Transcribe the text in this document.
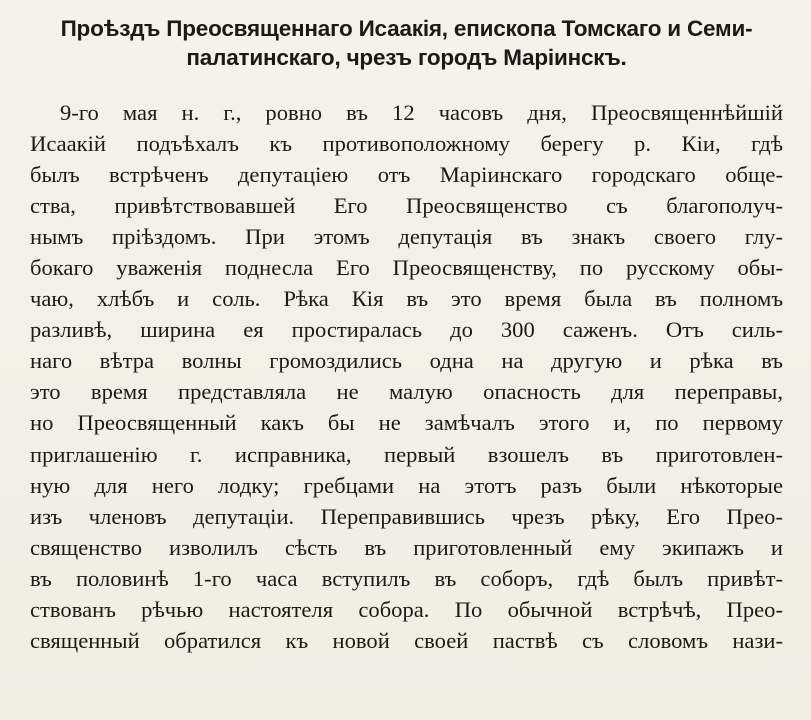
Проѣздъ Преосвященнаго Исаакія, епископа Томскаго и Семи-
палатинскаго, чрезъ городъ Маріинскъ.
9-го мая н. г., ровно въ 12 часовъ дня, Преосвященнѣйшій
Исаакій подъѣхалъ къ противоположному берегу р. Кіи, гдѣ
былъ встрѣченъ депутаціею отъ Маріинскаго городскаго обще-
ства, привѣтствовавшей Его Преосвященство съ благополуч-
нымъ пріѣздомъ. При этомъ депутація въ знакъ своего глу-
бокаго уваженія поднесла Его Преосвященству, по русскому обы-
чаю, хлѣбъ и соль. Рѣка Кія въ это время была въ полномъ
разливѣ, ширина ея простиралась до 300 саженъ. Отъ силь-
наго вѣтра волны громоздились одна на другую и рѣка въ
это время представляла не малую опасность для переправы,
но Преосвященный какъ бы не замѣчалъ этого и, по первому
приглашенію г. исправника, первый взошелъ въ приготовлен-
ную для него лодку; гребцами на этотъ разъ были нѣкоторые
изъ членовъ депутаціи. Переправившись чрезъ рѣку, Его Прео-
священство изволилъ сѣсть въ приготовленный ему экипажъ и
въ половинѣ 1-го часа вступилъ въ соборъ, гдѣ былъ привѣт-
ствованъ рѣчью настоятеля собора. По обычной встрѣчѣ, Прео-
священный обратился къ новой своей паствѣ съ словомъ нази-
